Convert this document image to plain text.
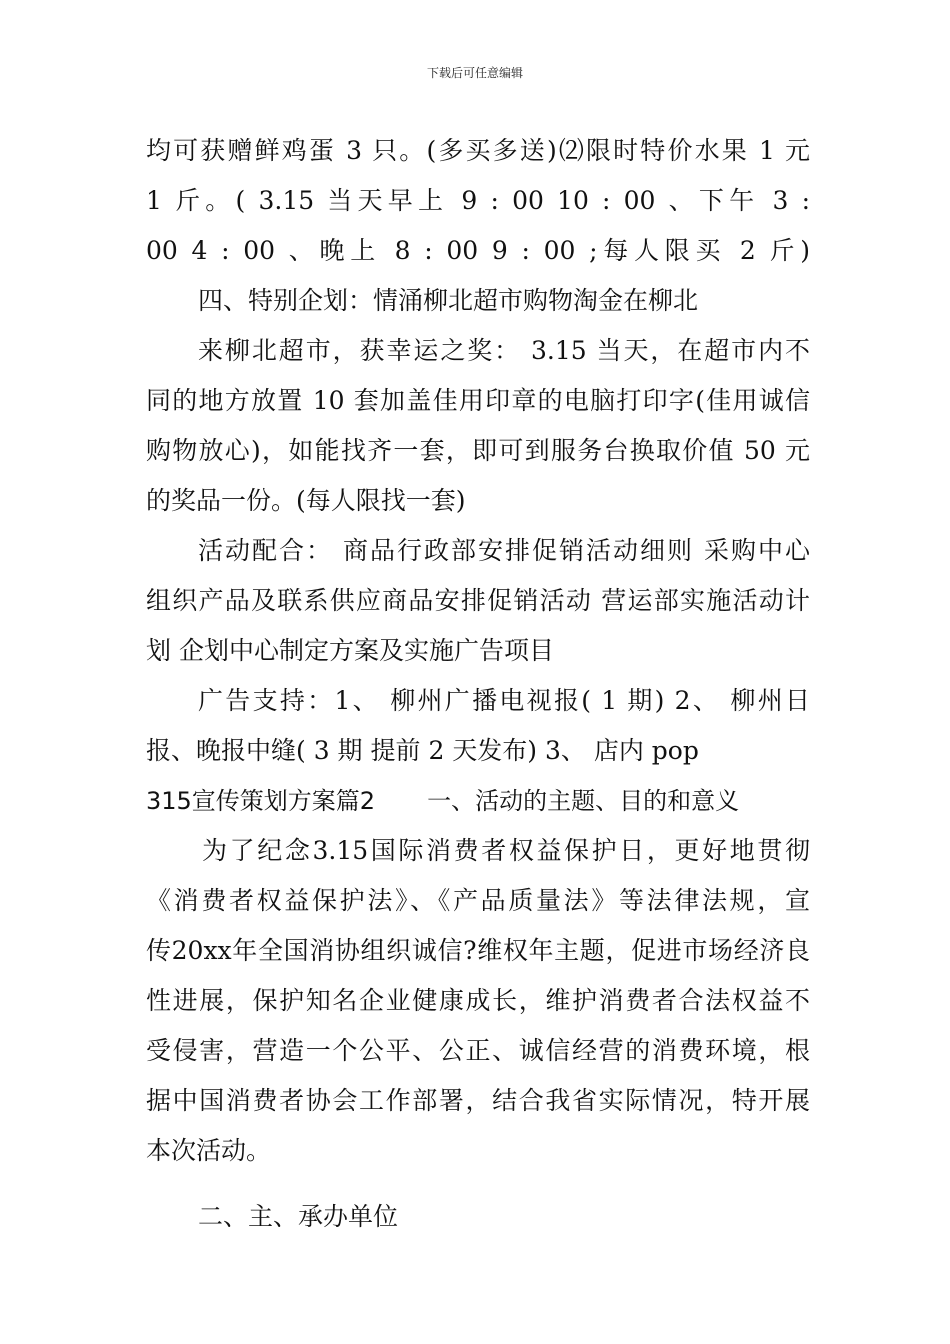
下载后可任意编辑
均可获赠鲜鸡蛋 3 只。(多买多送)⑵限时特价水果 1 元
1 斤。( 3.15 当天早上 9 : 00 10 : 00 、下午 3 :
00 4 : 00 、晚上 8 : 00 9 : 00 ;每人限买 2 斤)
四、特别企划：情涌柳北超市购物淘金在柳北
来柳北超市，获幸运之奖： 3.15 当天，在超市内不
同的地方放置 10 套加盖佳用印章的电脑打印字(佳用诚信
购物放心)，如能找齐一套，即可到服务台换取价值 50 元
的奖品一份。(每人限找一套)
活动配合： 商品行政部安排促销活动细则 采购中心
组织产品及联系供应商品安排促销活动 营运部实施活动计
划 企划中心制定方案及实施广告项目
广告支持：1、 柳州广播电视报( 1 期) 2、 柳州日
报、晚报中缝( 3 期 提前 2 天发布) 3、 店内 pop
315宣传策划方案篇2 一、活动的主题、目的和意义
为了纪念3.15国际消费者权益保护日，更好地贯彻
《消费者权益保护法》、《产品质量法》等法律法规，宣
传20xx年全国消协组织诚信?维权年主题，促进市场经济良
性进展，保护知名企业健康成长，维护消费者合法权益不
受侵害，营造一个公平、公正、诚信经营的消费环境，根
据中国消费者协会工作部署，结合我省实际情况，特开展
本次活动。
二、主、承办单位
